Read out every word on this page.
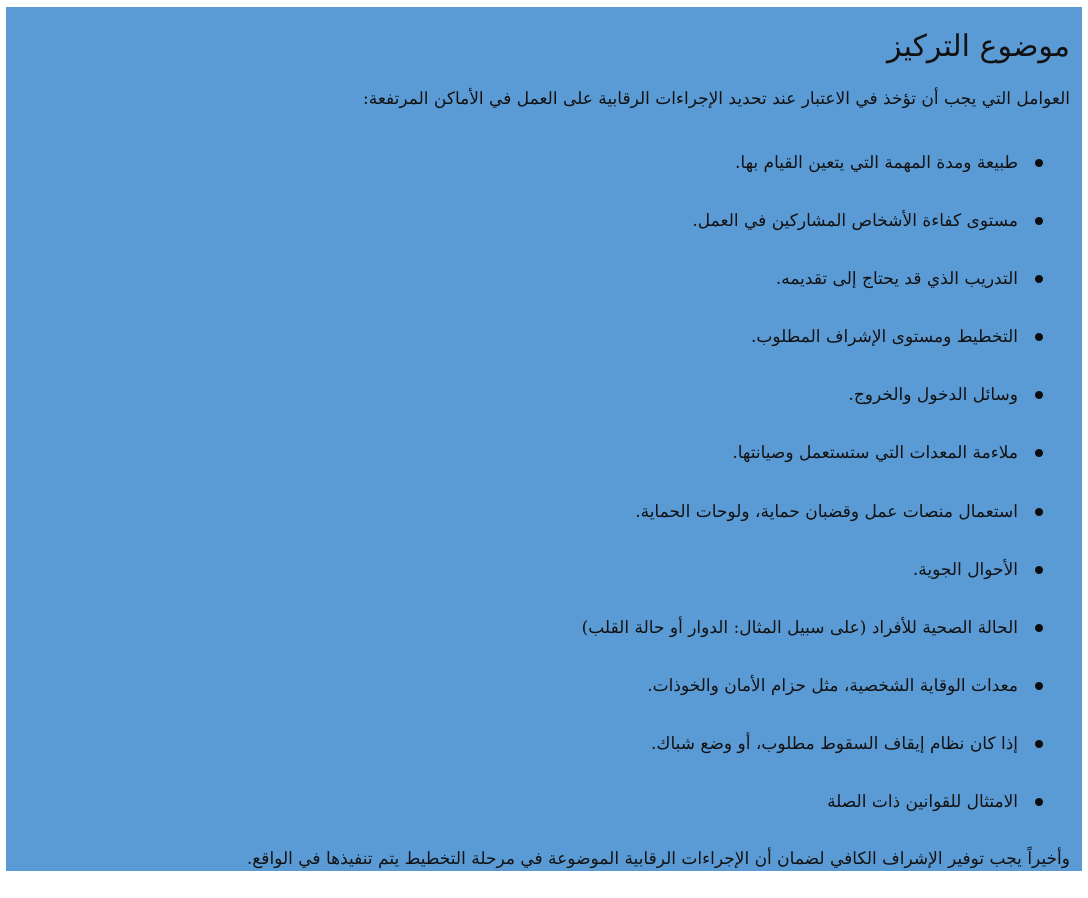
موضوع التركيز

العوامل التي يجب أن تؤخذ في الاعتبار عند تحديد الإجراءات الرقابية على العمل في الأماكن المرتفعة:

طبيعة ومدة المهمة التي يتعين القيام بها.
مستوى كفاءة الأشخاص المشاركين في العمل.
التدريب الذي قد يحتاج إلى تقديمه.
التخطيط ومستوى الإشراف المطلوب.
وسائل الدخول والخروج.
ملاءمة المعدات التي ستستعمل وصيانتها.
استعمال منصات عمل وقضبان حماية، ولوحات الحماية.
الأحوال الجوية.
الحالة الصحية للأفراد (على سبيل المثال: الدوار أو حالة القلب)
معدات الوقاية الشخصية، مثل حزام الأمان والخوذات.
إذا كان نظام إيقاف السقوط مطلوب، أو وضع شباك.
الامتثال للقوانين ذات الصلة

وأخيراً يجب توفير الإشراف الكافي لضمان أن الإجراءات الرقابية الموضوعة في مرحلة التخطيط يتم تنفيذها في الواقع.
